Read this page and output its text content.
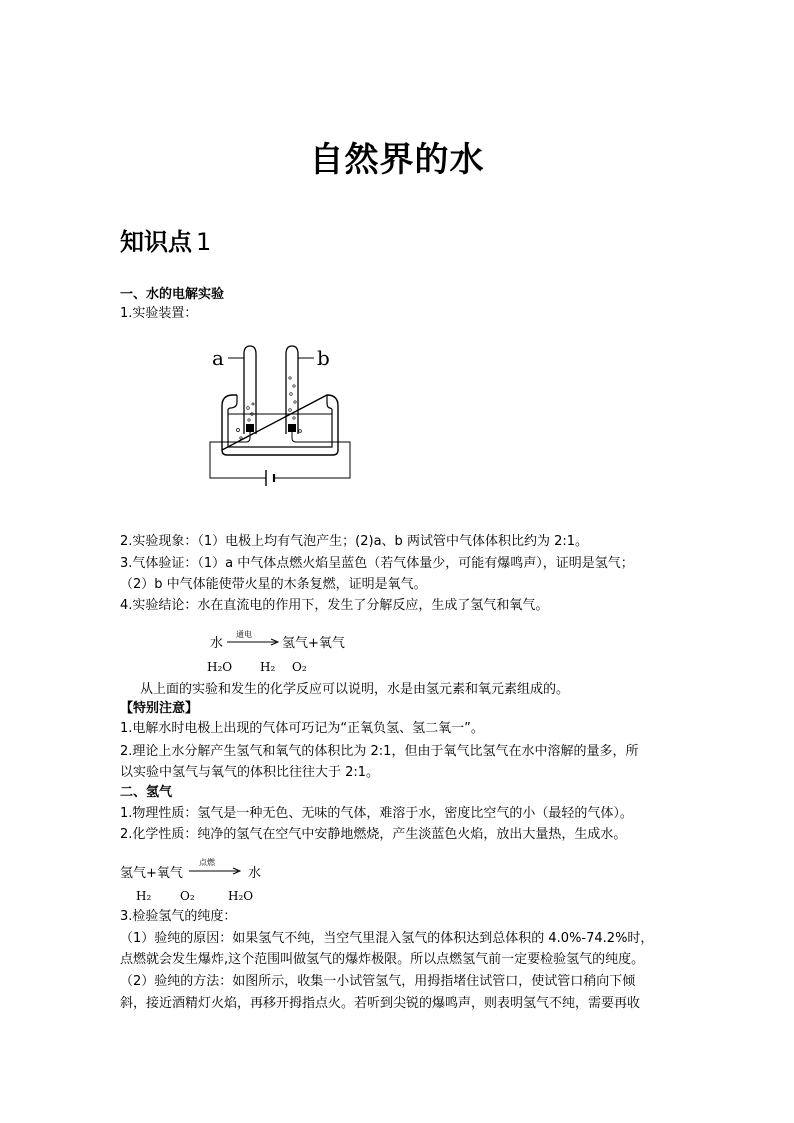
自然界的水
知识点 1
一、水的电解实验
1.实验装置：
a	b
2.实验现象：（1）电极上均有气泡产生；(2)a、b 两试管中气体体积比约为 2:1。
3.气体验证：（1）a 中气体点燃火焰呈蓝色（若气体量少，可能有爆鸣声），证明是氢气；
（2）b 中气体能使带火星的木条复燃，证明是氧气。
4.实验结论：水在直流电的作用下，发生了分解反应，生成了氢气和氧气。
水
通电
氢气+氧气
H₂O H₂ O₂
从上面的实验和发生的化学反应可以说明，水是由氢元素和氧元素组成的。
【特别注意】
1.电解水时电极上出现的气体可巧记为“正氧负氢、氢二氧一”。
2.理论上水分解产生氢气和氧气的体积比为 2:1，但由于氧气比氢气在水中溶解的量多，所
以实验中氢气与氧气的体积比往往大于 2:1。
二、氢气
1.物理性质：氢气是一种无色、无味的气体，难溶于水，密度比空气的小（最轻的气体）。
2.化学性质：纯净的氢气在空气中安静地燃烧，产生淡蓝色火焰，放出大量热，生成水。
氢气+氧气
点燃
水
H₂ O₂	H₂O
3.检验氢气的纯度：
（1）验纯的原因：如果氢气不纯，当空气里混入氢气的体积达到总体积的 4.0%-74.2%时，
点燃就会发生爆炸,这个范围叫做氢气的爆炸极限。所以点燃氢气前一定要检验氢气的纯度。
（2）验纯的方法：如图所示，收集一小试管氢气，用拇指堵住试管口，使试管口稍向下倾
斜，接近酒精灯火焰，再移开拇指点火。若听到尖锐的爆鸣声，则表明氢气不纯，需要再收
